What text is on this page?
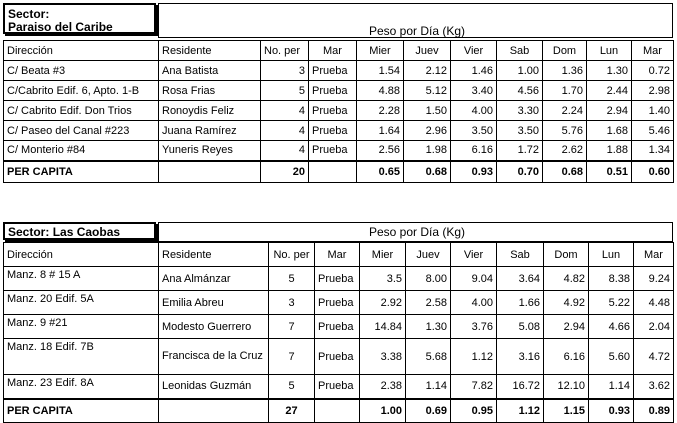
Sector:
Paraiso del Caribe	Peso por Día (Kg)
Dirección	Residente	No. per	Mar	Mier	Juev	Vier	Sab	Dom	Lun	Mar
C/ Beata #3	Ana Batista	3	Prueba	1.54	2.12	1.46	1.00	1.36	1.30	0.72
C/Cabrito Edif. 6, Apto. 1-B	Rosa Frias	5	Prueba	4.88	5.12	3.40	4.56	1.70	2.44	2.98
C/ Cabrito Edif. Don Trios	Ronoydis Feliz	4	Prueba	2.28	1.50	4.00	3.30	2.24	2.94	1.40
C/ Paseo del Canal #223	Juana Ramírez	4	Prueba	1.64	2.96	3.50	3.50	5.76	1.68	5.46
C/ Monterio #84	Yuneris Reyes	4	Prueba	2.56	1.98	6.16	1.72	2.62	1.88	1.34
PER CAPITA		20		0.65	0.68	0.93	0.70	0.68	0.51	0.60
Sector: Las Caobas	Peso por Día (Kg)
Dirección	Residente	No. per	Mar	Mier	Juev	Vier	Sab	Dom	Lun	Mar
Manz. 8 # 15 A	Ana Almánzar	5	Prueba	3.5	8.00	9.04	3.64	4.82	8.38	9.24
Manz. 20 Edif. 5A	Emilia Abreu	3	Prueba	2.92	2.58	4.00	1.66	4.92	5.22	4.48
Manz. 9 #21	Modesto Guerrero	7	Prueba	14.84	1.30	3.76	5.08	2.94	4.66	2.04
Manz. 18 Edif. 7B	Francisca de la Cruz	7	Prueba	3.38	5.68	1.12	3.16	6.16	5.60	4.72
Manz. 23 Edif. 8A	Leonidas Guzmán	5	Prueba	2.38	1.14	7.82	16.72	12.10	1.14	3.62
PER CAPITA		27		1.00	0.69	0.95	1.12	1.15	0.93	0.89
